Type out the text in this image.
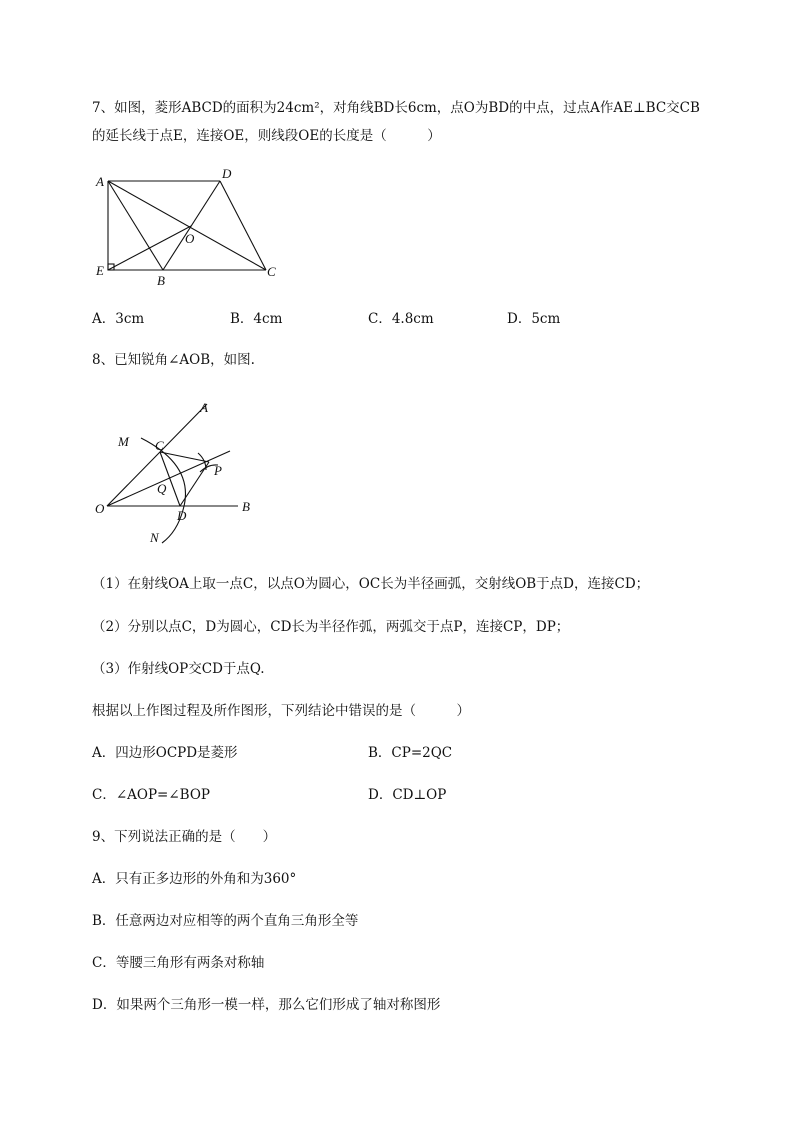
7、如图，菱形ABCD的面积为24cm²，对角线BD长6cm，点O为BD的中点，过点A作AE⊥BC交CB
的延长线于点E，连接OE，则线段OE的长度是（　　　）
A
D
O
E
B
C
A．3cm	B．4cm	C．4.8cm	D．5cm
8、已知锐角∠AOB，如图.
A
M C
P
Q
O	D
B
N
（1）在射线OA上取一点C，以点O为圆心，OC长为半径画弧，交射线OB于点D，连接CD；
（2）分别以点C，D为圆心，CD长为半径作弧，两弧交于点P，连接CP，DP；
（3）作射线OP交CD于点Q.
根据以上作图过程及所作图形，下列结论中错误的是（　　　）
A．四边形OCPD是菱形	B．CP=2QC
C．∠AOP=∠BOP	D．CD⊥OP
9、下列说法正确的是（　　）
A．只有正多边形的外角和为360°
B．任意两边对应相等的两个直角三角形全等
C．等腰三角形有两条对称轴
D．如果两个三角形一模一样，那么它们形成了轴对称图形
